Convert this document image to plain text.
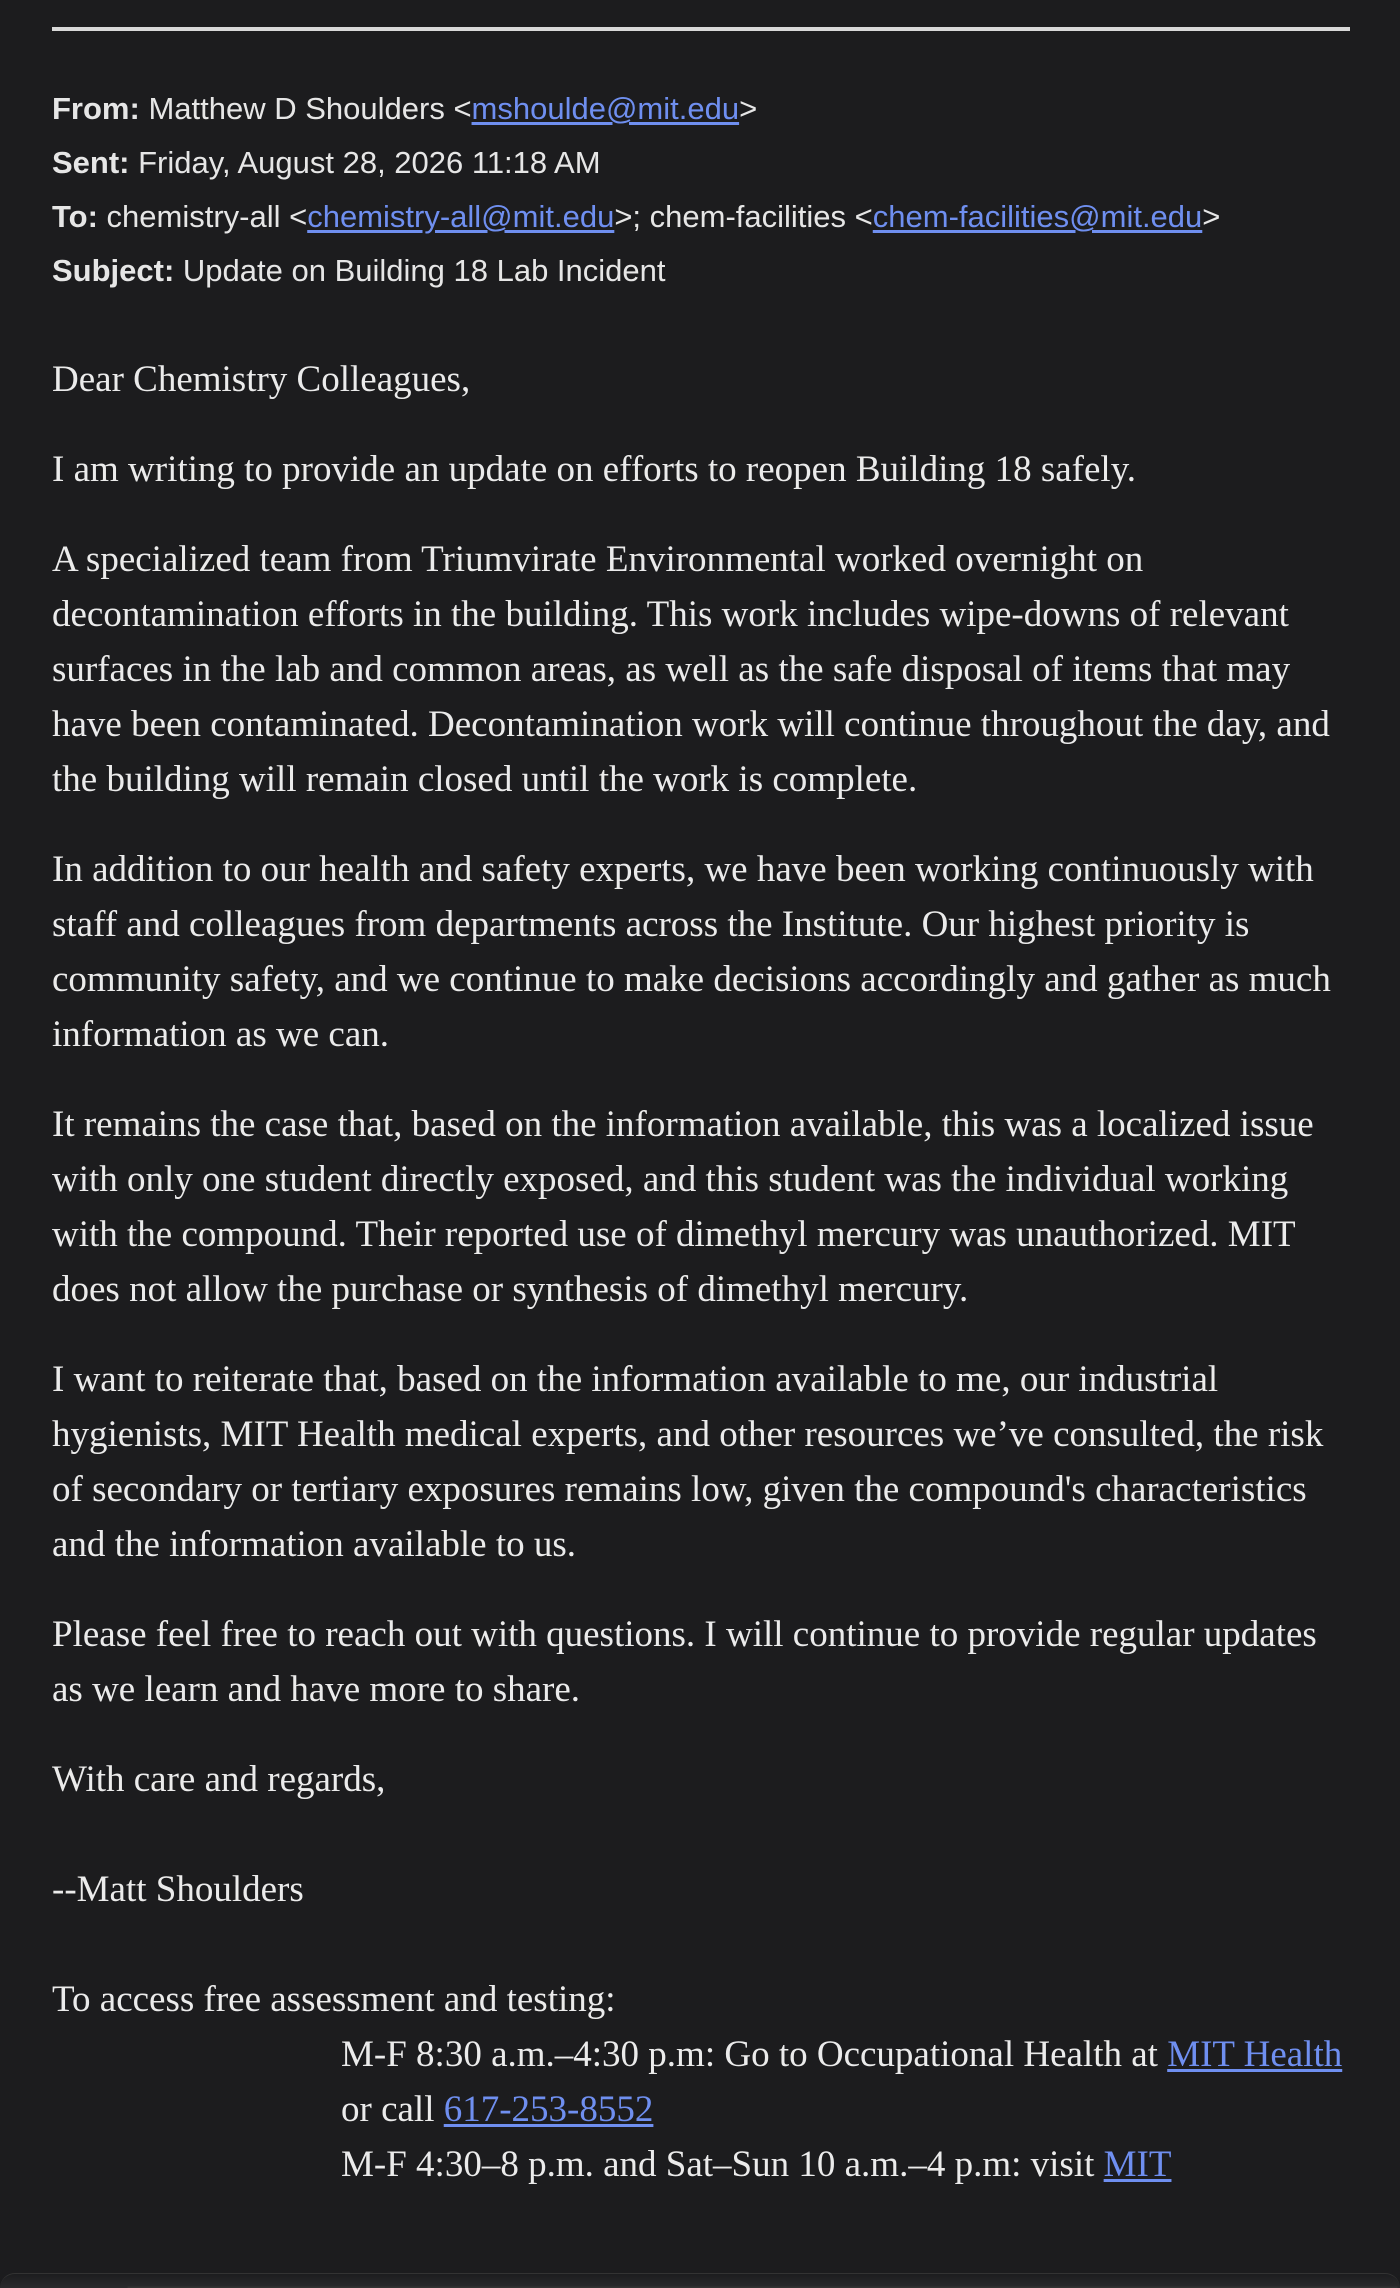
From: Matthew D Shoulders <mshoulde@mit.edu>
Sent: Friday, August 28, 2026 11:18 AM
To: chemistry-all <chemistry-all@mit.edu>; chem-facilities <chem-facilities@mit.edu>
Subject: Update on Building 18 Lab Incident

Dear Chemistry Colleagues,

I am writing to provide an update on efforts to reopen Building 18 safely.

A specialized team from Triumvirate Environmental worked overnight on decontamination efforts in the building. This work includes wipe-downs of relevant surfaces in the lab and common areas, as well as the safe disposal of items that may have been contaminated. Decontamination work will continue throughout the day, and the building will remain closed until the work is complete.

In addition to our health and safety experts, we have been working continuously with staff and colleagues from departments across the Institute. Our highest priority is community safety, and we continue to make decisions accordingly and gather as much information as we can.

It remains the case that, based on the information available, this was a localized issue with only one student directly exposed, and this student was the individual working with the compound. Their reported use of dimethyl mercury was unauthorized. MIT does not allow the purchase or synthesis of dimethyl mercury.

I want to reiterate that, based on the information available to me, our industrial hygienists, MIT Health medical experts, and other resources we’ve consulted, the risk of secondary or tertiary exposures remains low, given the compound's characteristics and the information available to us.

Please feel free to reach out with questions. I will continue to provide regular updates as we learn and have more to share.

With care and regards,

--Matt Shoulders

To access free assessment and testing:

M-F 8:30 a.m.–4:30 p.m: Go to Occupational Health at MIT Health or call 617-253-8552

M-F 4:30–8 p.m. and Sat–Sun 10 a.m.–4 p.m: visit MIT
